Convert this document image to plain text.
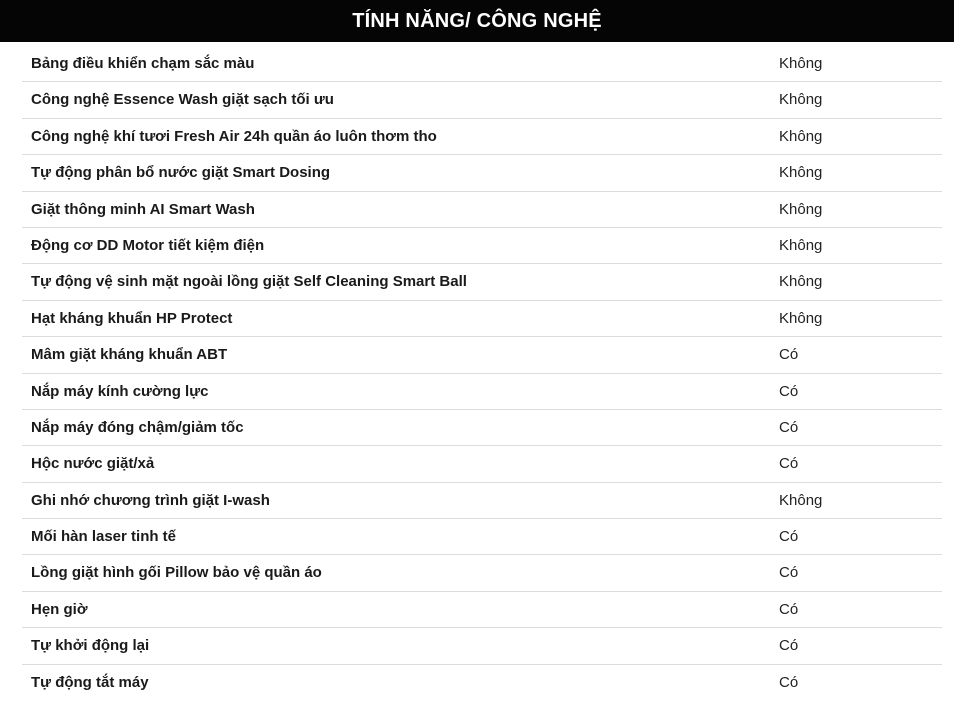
TÍNH NĂNG/ CÔNG NGHỆ
Bảng điều khiển chạm sắc màu	Không
Công nghệ Essence Wash giặt sạch tối ưu	Không
Công nghệ khí tươi Fresh Air 24h quần áo luôn thơm tho	Không
Tự động phân bổ nước giặt Smart Dosing	Không
Giặt thông minh AI Smart Wash	Không
Động cơ DD Motor tiết kiệm điện	Không
Tự động vệ sinh mặt ngoài lồng giặt Self Cleaning Smart Ball	Không
Hạt kháng khuẩn HP Protect	Không
Mâm giặt kháng khuẩn ABT	Có
Nắp máy kính cường lực	Có
Nắp máy đóng chậm/giảm tốc	Có
Hộc nước giặt/xả	Có
Ghi nhớ chương trình giặt I-wash	Không
Mối hàn laser tinh tế	Có
Lồng giặt hình gối Pillow bảo vệ quần áo	Có
Hẹn giờ	Có
Tự khởi động lại	Có
Tự động tắt máy	Có
